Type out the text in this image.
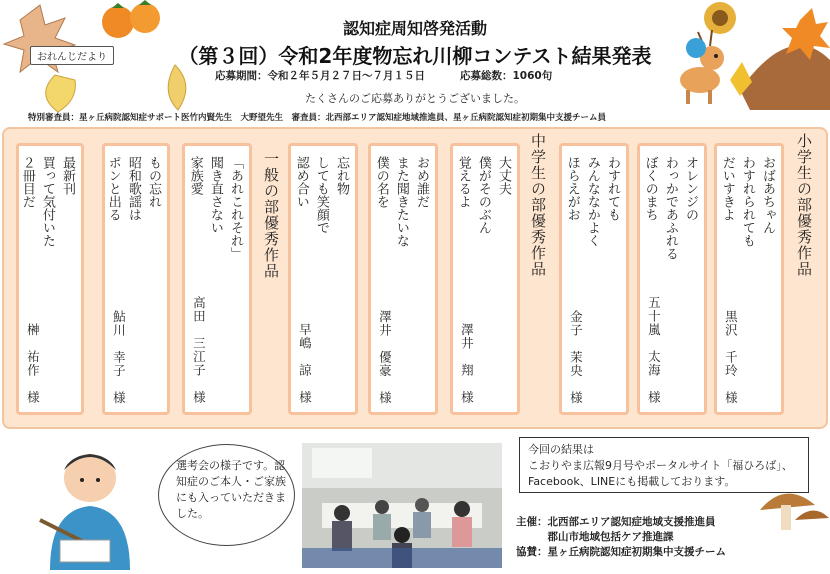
おれんじだより
認知症周知啓発活動
（第３回）令和2年度物忘れ川柳コンテスト結果発表
応募期間：令和２年５月２７日～７月１５日	応募総数：1060句
たくさんのご応募ありがとうございました。
特別審査員：星ヶ丘病院認知症サポート医竹内賢先生　大野望先生　審査員：北西部エリア認知症地域推進員、星ヶ丘病院認知症初期集中支援チーム員
最新刊
買って気付いた
２冊目だ
榊　祐作　様
もの忘れ
昭和歌謡は
ポンと出る
鮎川　幸子　様
「あれこれそれ」
聞き直さない
家族愛
高田　三江子　様
一般の部優秀作品	忘れ物
しても笑顔で
認め合い
早嶋　諒　様
おめ誰だ
また聞きたいな
僕の名を
澤井　優豪　様
大丈夫
僕がそのぶん
覚えるよ
澤井　翔　様
中学生の部優秀作品	わすれても
みんななかよく
ほらえがお
金子　茉央　様
オレンジの
わっかであふれる
ぼくのまち
五十嵐　太海　様
おばあちゃん
わすれられても
だいすきよ
黒沢　千玲　様
小学生の部優秀作品
選考会の様子です。認知症のご本人・ご家族にも入っていただきました。
今回の結果は
こおりやま広報9月号やポータルサイト「福ひろば」、Facebook、LINEにも掲載しております。
主催：北西部エリア認知症地域支援推進員
　　　郡山市地域包括ケア推進課
協賛：星ヶ丘病院認知症初期集中支援チーム
